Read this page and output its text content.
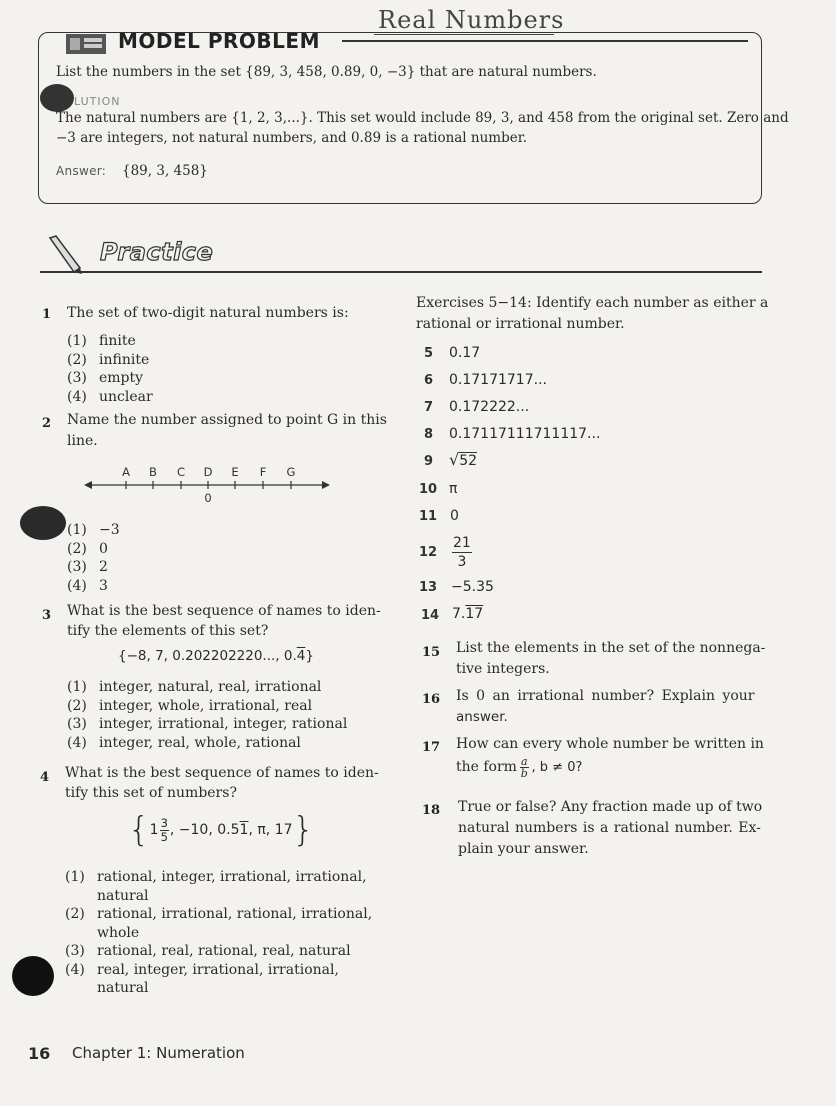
Real Numbers
MODEL PROBLEM
List the numbers in the set {89, 3, 458, 0.89, 0, −3} that are natural numbers.
LUTION
The natural numbers are {1, 2, 3,...}. This set would include 89, 3, and 458 from the original set. Zero and
−3 are integers, not natural numbers, and 0.89 is a rational number.
Answer: {89, 3, 458}
Practice
1 The set of two-digit natural numbers is:
(1) finite
(2) infinite
(3) empty
(4) unclear
2 Name the number assigned to point G in this
line.
A B C D E F G
0
(1) −3
(2) 0
(3) 2
(4) 3
3 What is the best sequence of names to iden-
tify the elements of this set?
{−8, 7, 0.202202220..., 0.4}
(1) integer, natural, real, irrational
(2) integer, whole, irrational, real
(3) integer, irrational, integer, rational
(4) integer, real, whole, rational
4 What is the best sequence of names to iden-
tify this set of numbers?
{ 1 3
5 , −10, 0.5 1 , π, 17 }
(1) rational, integer, irrational, irrational,
natural
(2) rational, irrational, rational, irrational,
whole
(3) rational, real, rational, real, natural
(4) real, integer, irrational, irrational,
natural
Exercises 5−14: Identify each number as either a
rational or irrational number.
5 0.17
6 0.17171717...
7 0.172222...
8 0.17117111711117...
9 √52
10 π
11 0
12
21
3
13 −5.35
14 7.17
15 List the elements in the set of the nonnega-
tive integers.
16 Is 0 an irrational number? Explain your
answer.
17 How can every whole number be written in
the form a
b , b ≠ 0?
18 True or false? Any fraction made up of two
natural numbers is a rational number. Ex-
plain your answer.
16 Chapter 1: Numeration
